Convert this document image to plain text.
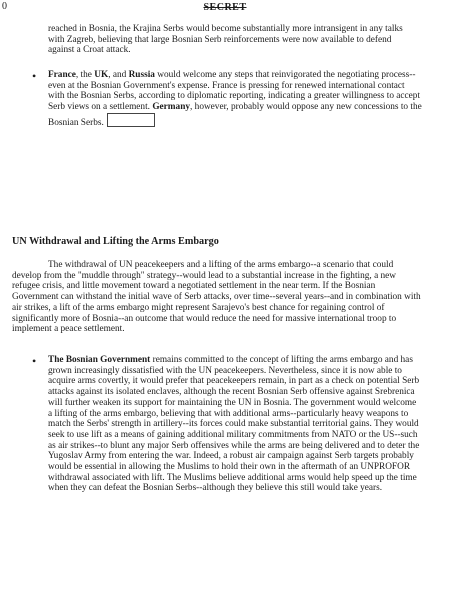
0	SECRET

reached in Bosnia, the Krajina Serbs would become substantially more intransigent in any talks with Zagreb, believing that large Bosnian Serb reinforcements were now available to defend against a Croat attack.

• France, the UK, and Russia would welcome any steps that reinvigorated the negotiating process--even at the Bosnian Government's expense. France is pressing for renewed international contact with the Bosnian Serbs, according to diplomatic reporting, indicating a greater willingness to accept Serb views on a settlement. Germany, however, probably would oppose any new concessions to the Bosnian Serbs.

UN Withdrawal and Lifting the Arms Embargo

The withdrawal of UN peacekeepers and a lifting of the arms embargo--a scenario that could develop from the "muddle through" strategy--would lead to a substantial increase in the fighting, a new refugee crisis, and little movement toward a negotiated settlement in the near term. If the Bosnian Government can withstand the initial wave of Serb attacks, over time--several years--and in combination with air strikes, a lift of the arms embargo might represent Sarajevo's best chance for regaining control of significantly more of Bosnia--an outcome that would reduce the need for massive international troop to implement a peace settlement.

• The Bosnian Government remains committed to the concept of lifting the arms embargo and has grown increasingly dissatisfied with the UN peacekeepers. Nevertheless, since it is now able to acquire arms covertly, it would prefer that peacekeepers remain, in part as a check on potential Serb attacks against its isolated enclaves, although the recent Bosnian Serb offensive against Srebrenica will further weaken its support for maintaining the UN in Bosnia. The government would welcome a lifting of the arms embargo, believing that with additional arms--particularly heavy weapons to match the Serbs' strength in artillery--its forces could make substantial territorial gains. They would seek to use lift as a means of gaining additional military commitments from NATO or the US--such as air strikes--to blunt any major Serb offensives while the arms are being delivered and to deter the Yugoslav Army from entering the war. Indeed, a robust air campaign against Serb targets probably would be essential in allowing the Muslims to hold their own in the aftermath of an UNPROFOR withdrawal associated with lift. The Muslims believe additional arms would help speed up the time when they can defeat the Bosnian Serbs--although they believe this still would take years.
